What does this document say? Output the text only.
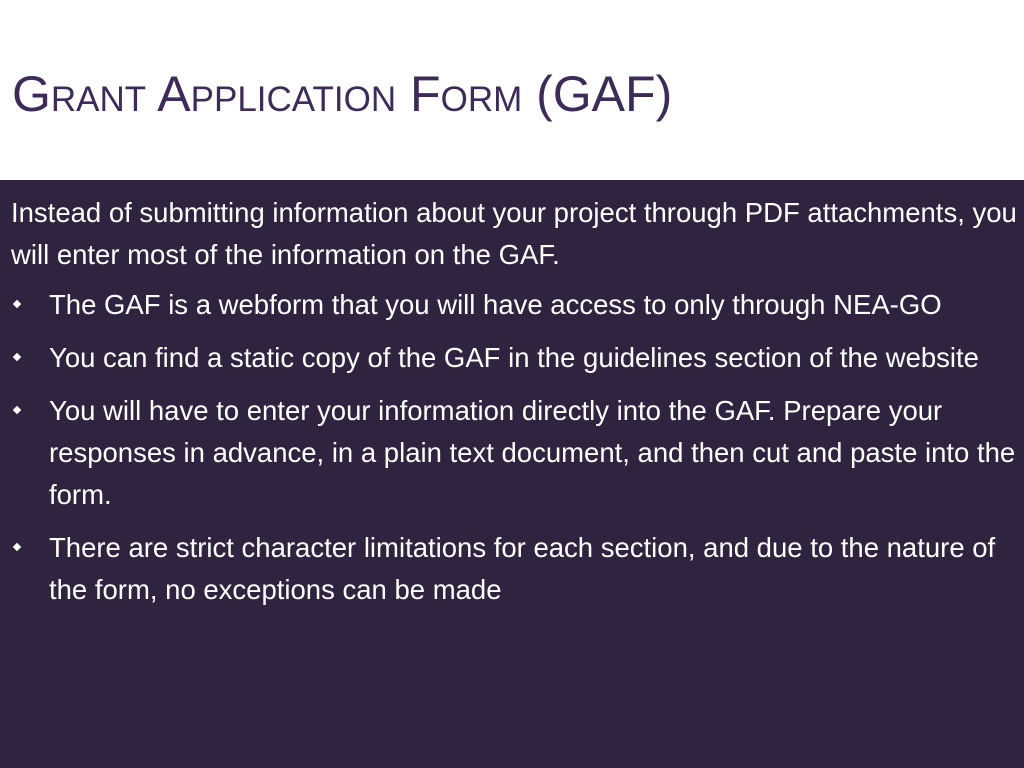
Grant Application Form (GAF)

Instead of submitting information about your project through PDF attachments, you will enter most of the information on the GAF.

The GAF is a webform that you will have access to only through NEA-GO
You can find a static copy of the GAF in the guidelines section of the website
You will have to enter your information directly into the GAF. Prepare your responses in advance, in a plain text document, and then cut and paste into the form.
There are strict character limitations for each section, and due to the nature of the form, no exceptions can be made
